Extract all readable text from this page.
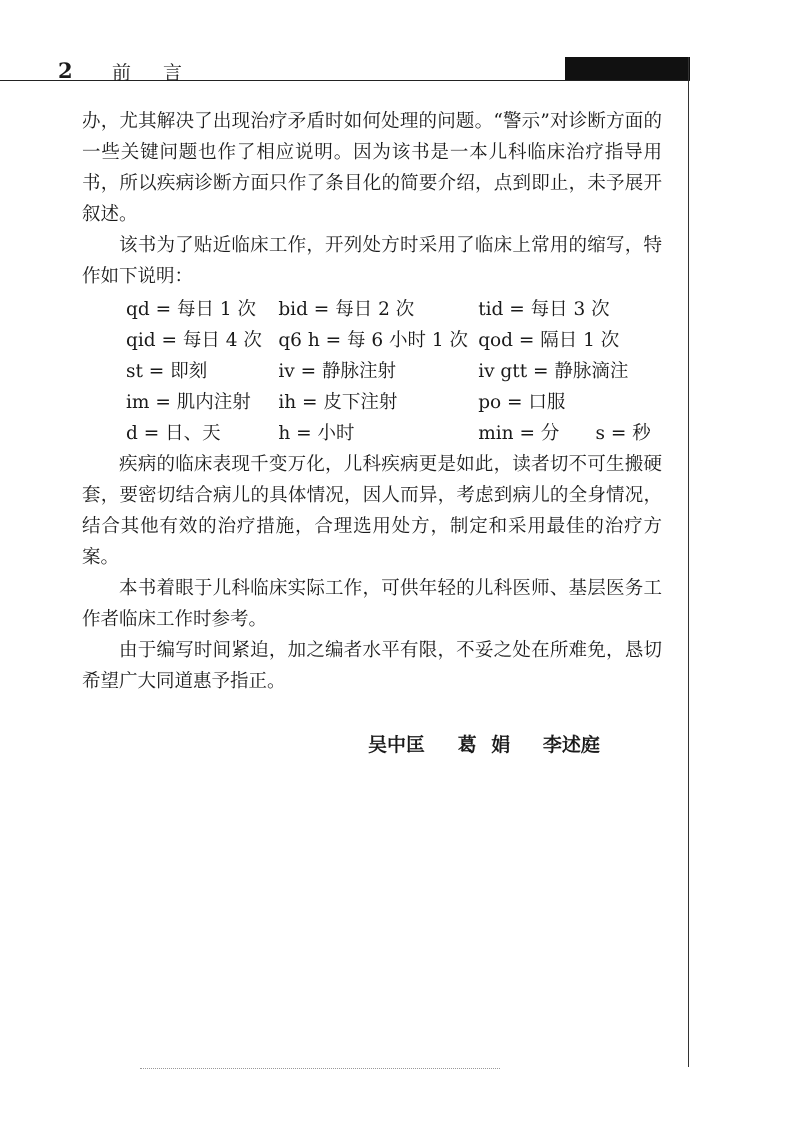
2 前言

办，尤其解决了出现治疗矛盾时如何处理的问题。“警示”对诊断方面的一些关键问题也作了相应说明。因为该书是一本儿科临床治疗指导用书，所以疾病诊断方面只作了条目化的简要介绍，点到即止，未予展开叙述。

该书为了贴近临床工作，开列处方时采用了临床上常用的缩写，特作如下说明：

qd = 每日 1 次	bid = 每日 2 次	tid = 每日 3 次	
qid = 每日 4 次	q6 h = 每 6 小时 1 次	qod = 隔日 1 次	
st = 即刻	iv = 静脉注射	iv gtt = 静脉滴注	
im = 肌内注射	ih = 皮下注射	po = 口服	
d = 日、天	h = 小时	min = 分	s = 秒

疾病的临床表现千变万化，儿科疾病更是如此，读者切不可生搬硬套，要密切结合病儿的具体情况，因人而异，考虑到病儿的全身情况，结合其他有效的治疗措施，合理选用处方，制定和采用最佳的治疗方案。

本书着眼于儿科临床实际工作，可供年轻的儿科医师、基层医务工作者临床工作时参考。

由于编写时间紧迫，加之编者水平有限，不妥之处在所难免，恳切希望广大同道惠予指正。

吴中匡 葛 娟 李述庭
